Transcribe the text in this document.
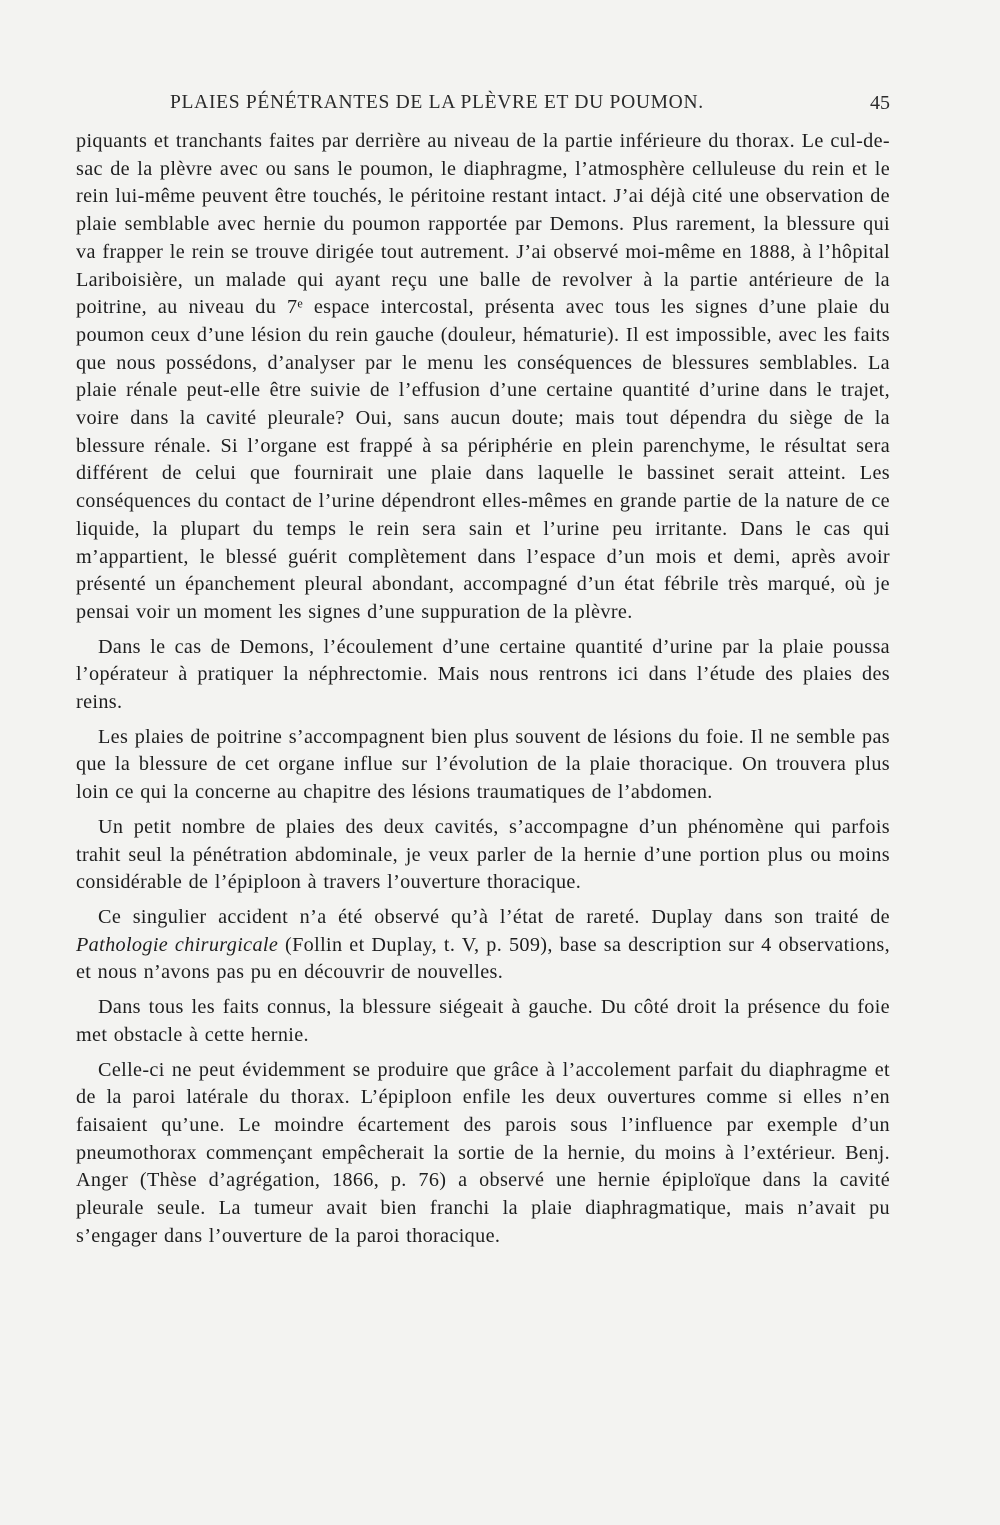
PLAIES PÉNÉTRANTES DE LA PLÈVRE ET DU POUMON.	45

piquants et tranchants faites par derrière au niveau de la partie inférieure du thorax. Le cul-de-sac de la plèvre avec ou sans le poumon, le diaphragme, l’atmosphère celluleuse du rein et le rein lui-même peuvent être touchés, le péritoine restant intact. J’ai déjà cité une observation de plaie semblable avec hernie du poumon rapportée par Demons. Plus rarement, la blessure qui va frapper le rein se trouve dirigée tout autrement. J’ai observé moi-même en 1888, à l’hôpital Lariboisière, un malade qui ayant reçu une balle de revolver à la partie antérieure de la poitrine, au niveau du 7ᵉ espace intercostal, présenta avec tous les signes d’une plaie du poumon ceux d’une lésion du rein gauche (douleur, hématurie). Il est impossible, avec les faits que nous possédons, d’analyser par le menu les conséquences de blessures semblables. La plaie rénale peut-elle être suivie de l’effusion d’une certaine quantité d’urine dans le trajet, voire dans la cavité pleurale? Oui, sans aucun doute; mais tout dépendra du siège de la blessure rénale. Si l’organe est frappé à sa périphérie en plein parenchyme, le résultat sera différent de celui que fournirait une plaie dans laquelle le bassinet serait atteint. Les conséquences du contact de l’urine dépendront elles-mêmes en grande partie de la nature de ce liquide, la plupart du temps le rein sera sain et l’urine peu irritante. Dans le cas qui m’appartient, le blessé guérit complètement dans l’espace d’un mois et demi, après avoir présenté un épanchement pleural abondant, accompagné d’un état fébrile très marqué, où je pensai voir un moment les signes d’une suppuration de la plèvre.

Dans le cas de Demons, l’écoulement d’une certaine quantité d’urine par la plaie poussa l’opérateur à pratiquer la néphrectomie. Mais nous rentrons ici dans l’étude des plaies des reins.

Les plaies de poitrine s’accompagnent bien plus souvent de lésions du foie. Il ne semble pas que la blessure de cet organe influe sur l’évolution de la plaie thoracique. On trouvera plus loin ce qui la concerne au chapitre des lésions traumatiques de l’abdomen.

Un petit nombre de plaies des deux cavités, s’accompagne d’un phénomène qui parfois trahit seul la pénétration abdominale, je veux parler de la hernie d’une portion plus ou moins considérable de l’épiploon à travers l’ouverture thoracique.

Ce singulier accident n’a été observé qu’à l’état de rareté. Duplay dans son traité de Pathologie chirurgicale (Follin et Duplay, t. V, p. 509), base sa description sur 4 observations, et nous n’avons pas pu en découvrir de nouvelles.

Dans tous les faits connus, la blessure siégeait à gauche. Du côté droit la présence du foie met obstacle à cette hernie.

Celle-ci ne peut évidemment se produire que grâce à l’accolement parfait du diaphragme et de la paroi latérale du thorax. L’épiploon enfile les deux ouvertures comme si elles n’en faisaient qu’une. Le moindre écartement des parois sous l’influence par exemple d’un pneumothorax commençant empêcherait la sortie de la hernie, du moins à l’extérieur. Benj. Anger (Thèse d’agrégation, 1866, p. 76) a observé une hernie épiploïque dans la cavité pleurale seule. La tumeur avait bien franchi la plaie diaphragmatique, mais n’avait pu s’engager dans l’ouverture de la paroi thoracique.
